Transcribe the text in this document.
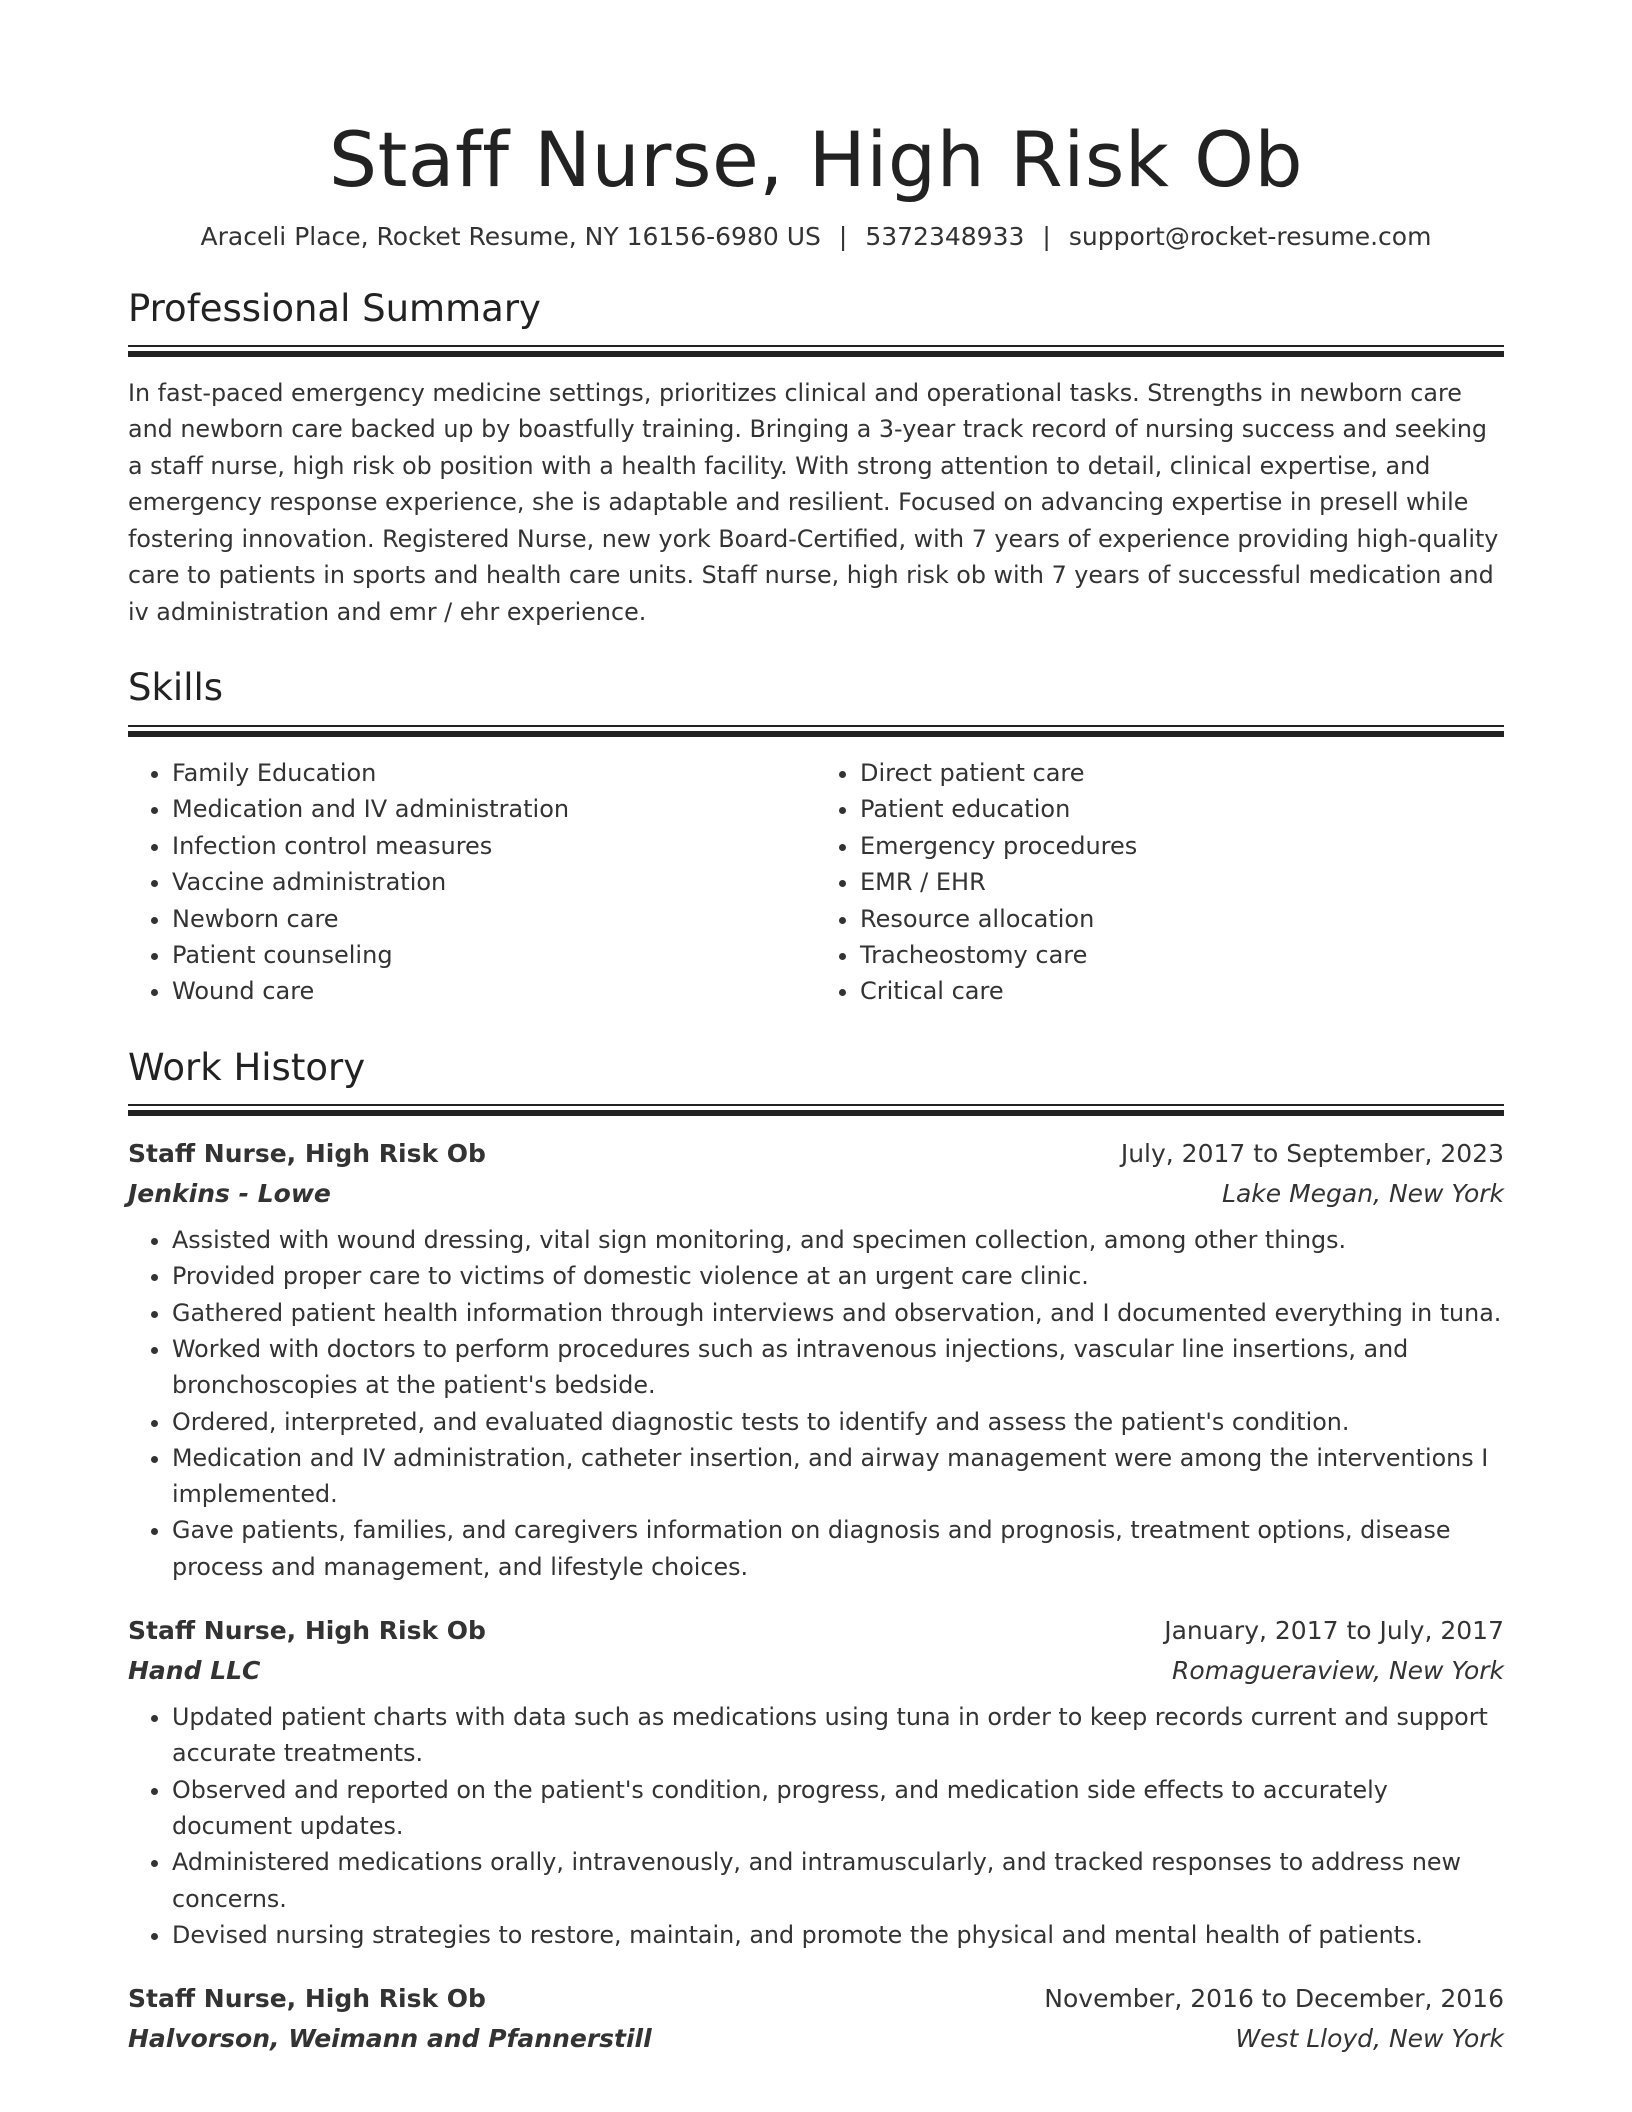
Staff Nurse, High Risk Ob
Araceli Place, Rocket Resume, NY 16156-6980 US | 5372348933 | support@rocket-resume.com
Professional Summary

In fast-paced emergency medicine settings, prioritizes clinical and operational tasks. Strengths in newborn care and newborn care backed up by boastfully training. Bringing a 3-year track record of nursing success and seeking a staff nurse, high risk ob position with a health facility. With strong attention to detail, clinical expertise, and emergency response experience, she is adaptable and resilient. Focused on advancing expertise in presell while fostering innovation. Registered Nurse, new york Board-Certified, with 7 years of experience providing high-quality care to patients in sports and health care units. Staff nurse, high risk ob with 7 years of successful medication and iv administration and emr / ehr experience.

Skills
• Family Education
• Medication and IV administration
• Infection control measures
• Vaccine administration
• Newborn care
• Patient counseling
• Wound care
• Direct patient care
• Patient education
• Emergency procedures
• EMR / EHR
• Resource allocation
• Tracheostomy care
• Critical care
Work History
Staff Nurse, High Risk Ob	July, 2017 to September, 2023
Jenkins - Lowe	Lake Megan, New York
• Assisted with wound dressing, vital sign monitoring, and specimen collection, among other things.
• Provided proper care to victims of domestic violence at an urgent care clinic.
• Gathered patient health information through interviews and observation, and I documented everything in tuna.
• Worked with doctors to perform procedures such as intravenous injections, vascular line insertions, and bronchoscopies at the patient's bedside.
• Ordered, interpreted, and evaluated diagnostic tests to identify and assess the patient's condition.
• Medication and IV administration, catheter insertion, and airway management were among the interventions I implemented.
• Gave patients, families, and caregivers information on diagnosis and prognosis, treatment options, disease process and management, and lifestyle choices.
Staff Nurse, High Risk Ob	January, 2017 to July, 2017
Hand LLC	Romagueraview, New York
• Updated patient charts with data such as medications using tuna in order to keep records current and support accurate treatments.
• Observed and reported on the patient's condition, progress, and medication side effects to accurately document updates.
• Administered medications orally, intravenously, and intramuscularly, and tracked responses to address new concerns.
• Devised nursing strategies to restore, maintain, and promote the physical and mental health of patients.
Staff Nurse, High Risk Ob	November, 2016 to December, 2016
Halvorson, Weimann and Pfannerstill	West Lloyd, New York
